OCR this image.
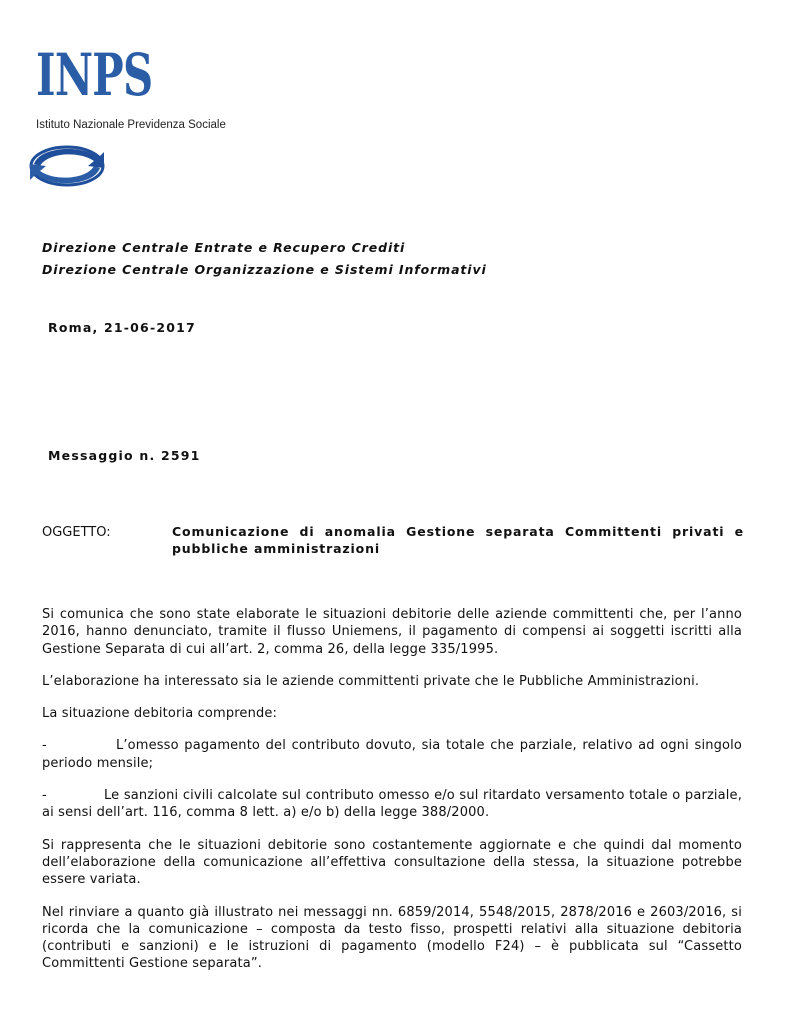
INPS
Istituto Nazionale Previdenza Sociale
Direzione Centrale Entrate e Recupero Crediti
Direzione Centrale Organizzazione e Sistemi Informativi
Roma, 21-06-2017
Messaggio n. 2591
OGGETTO:	Comunicazione di anomalia Gestione separata Committenti privati e pubbliche amministrazioni

Si comunica che sono state elaborate le situazioni debitorie delle aziende committenti che, per l’anno 2016, hanno denunciato, tramite il flusso Uniemens, il pagamento di compensi ai soggetti iscritti alla Gestione Separata di cui all’art. 2, comma 26, della legge 335/1995.

L’elaborazione ha interessato sia le aziende committenti private che le Pubbliche Amministrazioni.

La situazione debitoria comprende:

-	L’omesso pagamento del contributo dovuto, sia totale che parziale, relativo ad ogni singolo periodo mensile;

-	Le sanzioni civili calcolate sul contributo omesso e/o sul ritardato versamento totale o parziale, ai sensi dell’art. 116, comma 8 lett. a) e/o b) della legge 388/2000.

Si rappresenta che le situazioni debitorie sono costantemente aggiornate e che quindi dal momento dell’elaborazione della comunicazione all’effettiva consultazione della stessa, la situazione potrebbe essere variata.

Nel rinviare a quanto già illustrato nei messaggi nn. 6859/2014, 5548/2015, 2878/2016 e 2603/2016, si ricorda che la comunicazione – composta da testo fisso, prospetti relativi alla situazione debitoria (contributi e sanzioni) e le istruzioni di pagamento (modello F24) – è pubblicata sul “Cassetto Committenti Gestione separata”.
